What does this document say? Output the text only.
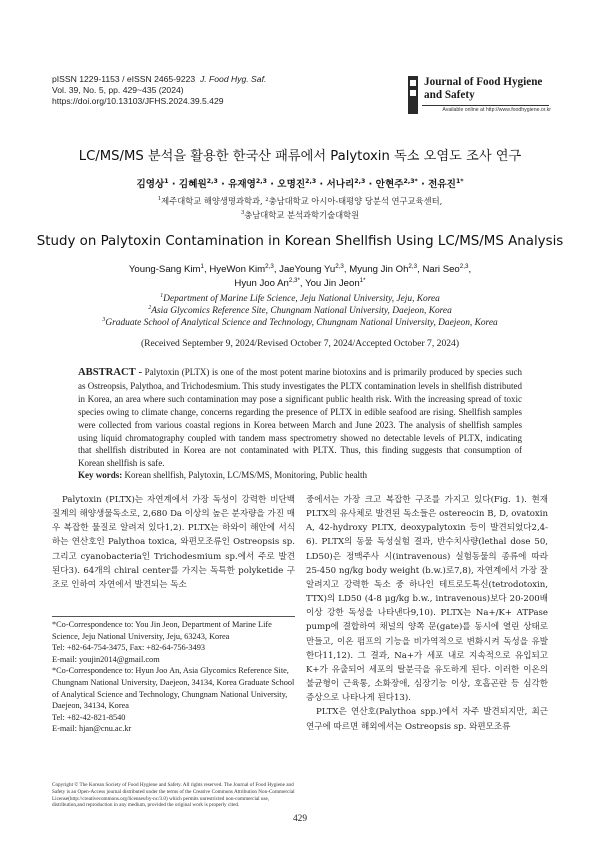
pISSN 1229-1153 / eISSN 2465-9223 J. Food Hyg. Saf.
Vol. 39, No. 5, pp. 429~435 (2024)
https://doi.org/10.13103/JFHS.2024.39.5.429
Journal of Food Hygiene
and Safety
Available online at http://www.foodhygiene.or.kr
LC/MS/MS 분석을 활용한 한국산 패류에서 Palytoxin 독소 오염도 조사 연구
김영상$^1$ · 김혜원$^{2,3}$ · 유재영$^{2,3}$ · 오명진$^{2,3}$ · 서나리$^{2,3}$ · 안현주$^{2,3*}$ · 전유진$^{1*}$
$^1$제주대학교 해양생명과학과, ²충남대학교 아시아-태평양 당분석 연구교육센터,
$^3$충남대학교 분석과학기술대학원
Study on Palytoxin Contamination in Korean Shellfish Using LC/MS/MS Analysis
Young-Sang Kim$^1$, HyeWon Kim$^{2,3}$, JaeYoung Yu$^{2,3}$, Myung Jin Oh$^{2,3}$, Nari Seo$^{2,3}$,
Hyun Joo $An^{2,3*}$, You Jin Jeon$^{1*}$
$^1$Department of Marine Life Science, Jeju National University, Jeju, Korea
$^2$Asia Glycomics Reference Site, Chungnam National University, Daejeon, Korea
$^3$Graduate School of Analytical Science and Technology, Chungnam National University, Daejeon, Korea
(Received September 9, 2024/Revised October 7, 2024/Accepted October 7, 2024)
ABSTRACT - Palytoxin (PLTX) is one of the most potent marine biotoxins and is primarily produced by species such as Ostreopsis, Palythoa, and Trichodesmium. This study investigates the PLTX contamination levels in shellfish distributed in Korea, an area where such contamination may pose a significant public health risk. With the increasing spread of toxic species owing to climate change, concerns regarding the presence of PLTX in edible seafood are rising. Shellfish samples were collected from various coastal regions in Korea between March and June 2023. The analysis of shellfish samples using liquid chromatography coupled with tandem mass spectrometry showed no detectable levels of PLTX, indicating that shellfish distributed in Korea are not contaminated with PLTX. Thus, this finding suggests that consumption of Korean shellfish is safe.
Key words: Korean shellfish, Palytoxin, LC/MS/MS, Monitoring, Public health
Palytoxin (PLTX)는 자연계에서 가장 독성이 강력한 비단백질계의 해양생물독소로, 2,680 Da 이상의 높은 분자량을 가진 매우 복잡한 물질로 알려져 있다1,2). PLTX는 하와이 해안에 서식하는 연산호인 Palythoa toxica, 와편모조류인 Ostreopsis sp. 그리고 cyanobacteria인 Trichodesmium sp.에서 주로 발견된다3). 64개의 chiral center를 가지는 독특한 polyketide 구조로 인하여 자연에서 발견되는 독소
중에서는 가장 크고 복잡한 구조를 가지고 있다(Fig. 1). 현재 PLTX의 유사체로 발견된 독소들은 ostereocin B, D, ovatoxin A, 42-hydroxy PLTX, deoxypalytoxin 등이 발견되었다2,4-6). PLTX의 동물 독성실험 결과, 반수치사량(lethal dose 50, LD50)은 정맥주사 시(intravenous) 실험동물의 종류에 따라 25-450 ng/kg body weight (b.w.)로7,8), 자연계에서 가장 잘 알려지고 강력한 독소 중 하나인 테트로도톡신(tetrodotoxin, TTX)의 LD50 (4-8 μg/kg b.w., intravenous)보다 20-200배 이상 강한 독성을 나타낸다9,10). PLTX는 Na+/K+ ATPase pump에 결합하여 채널의 양쪽 문(gate)를 동시에 열린 상태로 만들고, 이온 펌프의 기능을 비가역적으로 변화시켜 독성을 유발한다11,12). 그 결과, Na+가 세포 내로 지속적으로 유입되고 K+가 유출되어 세포의 탈분극을 유도하게 된다. 이러한 이온의 불균형이 근육통, 소화장애, 심장기능 이상, 호흡곤란 등 심각한 증상으로 나타나게 된다13).
PLTX은 연산호(Palythoa spp.)에서 자주 발견되지만, 최근 연구에 따르면 해외에서는 Ostreopsis sp. 와편모조류
*Co-Correspondence to: You Jin Jeon, Department of Marine Life Science, Jeju National University, Jeju, 63243, Korea
Tel: +82-64-754-3475, Fax: +82-64-756-3493
E-mail: youjin2014@gmail.com
*Co-Correspondence to: Hyun Joo An, Asia Glycomics Reference Site, Chungnam National University, Daejeon, 34134, Korea Graduate School of Analytical Science and Technology, Chungnam National University, Daejeon, 34134, Korea
Tel: +82-42-821-8540
E-mail: hjan@cnu.ac.kr
Copyright © The Korean Society of Food Hygiene and Safety. All rights reserved. The Journal of Food Hygiene and Safety is an Open-Access journal distributed under the terms of the Creative Commons Attribution Non-Commercial License(http://creativecommons.org/licenses/by-nc/3.0) which permits unrestricted non-commercial use, distribution,and reproduction in any medium, provided the original work is properly cited.
429
